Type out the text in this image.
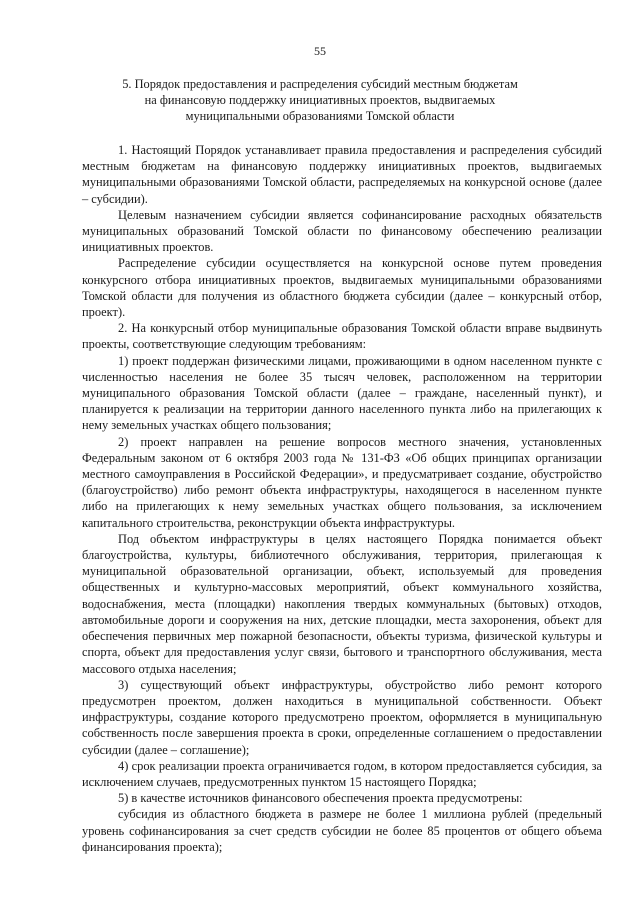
55
5. Порядок предоставления и распределения субсидий местным бюджетам
на финансовую поддержку инициативных проектов, выдвигаемых
муниципальными образованиями Томской области

1. Настоящий Порядок устанавливает правила предоставления и распределения субсидий местным бюджетам на финансовую поддержку инициативных проектов, выдвигаемых муниципальными образованиями Томской области, распределяемых на конкурсной основе (далее – субсидии).

Целевым назначением субсидии является софинансирование расходных обязательств муниципальных образований Томской области по финансовому обеспечению реализации инициативных проектов.

Распределение субсидии осуществляется на конкурсной основе путем проведения конкурсного отбора инициативных проектов, выдвигаемых муниципальными образованиями Томской области для получения из областного бюджета субсидии (далее – конкурсный отбор, проект).

2. На конкурсный отбор муниципальные образования Томской области вправе выдвинуть проекты, соответствующие следующим требованиям:

1) проект поддержан физическими лицами, проживающими в одном населенном пункте с численностью населения не более 35 тысяч человек, расположенном на территории муниципального образования Томской области (далее – граждане, населенный пункт), и планируется к реализации на территории данного населенного пункта либо на прилегающих к нему земельных участках общего пользования;

2) проект направлен на решение вопросов местного значения, установленных Федеральным законом от 6 октября 2003 года № 131-ФЗ «Об общих принципах организации местного самоуправления в Российской Федерации», и предусматривает создание, обустройство (благоустройство) либо ремонт объекта инфраструктуры, находящегося в населенном пункте либо на прилегающих к нему земельных участках общего пользования, за исключением капитального строительства, реконструкции объекта инфраструктуры.

Под объектом инфраструктуры в целях настоящего Порядка понимается объект благоустройства, культуры, библиотечного обслуживания, территория, прилегающая к муниципальной образовательной организации, объект, используемый для проведения общественных и культурно-массовых мероприятий, объект коммунального хозяйства, водоснабжения, места (площадки) накопления твердых коммунальных (бытовых) отходов, автомобильные дороги и сооружения на них, детские площадки, места захоронения, объект для обеспечения первичных мер пожарной безопасности, объекты туризма, физической культуры и спорта, объект для предоставления услуг связи, бытового и транспортного обслуживания, места массового отдыха населения;

3) существующий объект инфраструктуры, обустройство либо ремонт которого предусмотрен проектом, должен находиться в муниципальной собственности. Объект инфраструктуры, создание которого предусмотрено проектом, оформляется в муниципальную собственность после завершения проекта в сроки, определенные соглашением о предоставлении субсидии (далее – соглашение);

4) срок реализации проекта ограничивается годом, в котором предоставляется субсидия, за исключением случаев, предусмотренных пунктом 15 настоящего Порядка;

5) в качестве источников финансового обеспечения проекта предусмотрены:

субсидия из областного бюджета в размере не более 1 миллиона рублей (предельный уровень софинансирования за счет средств субсидии не более 85 процентов от общего объема финансирования проекта);
